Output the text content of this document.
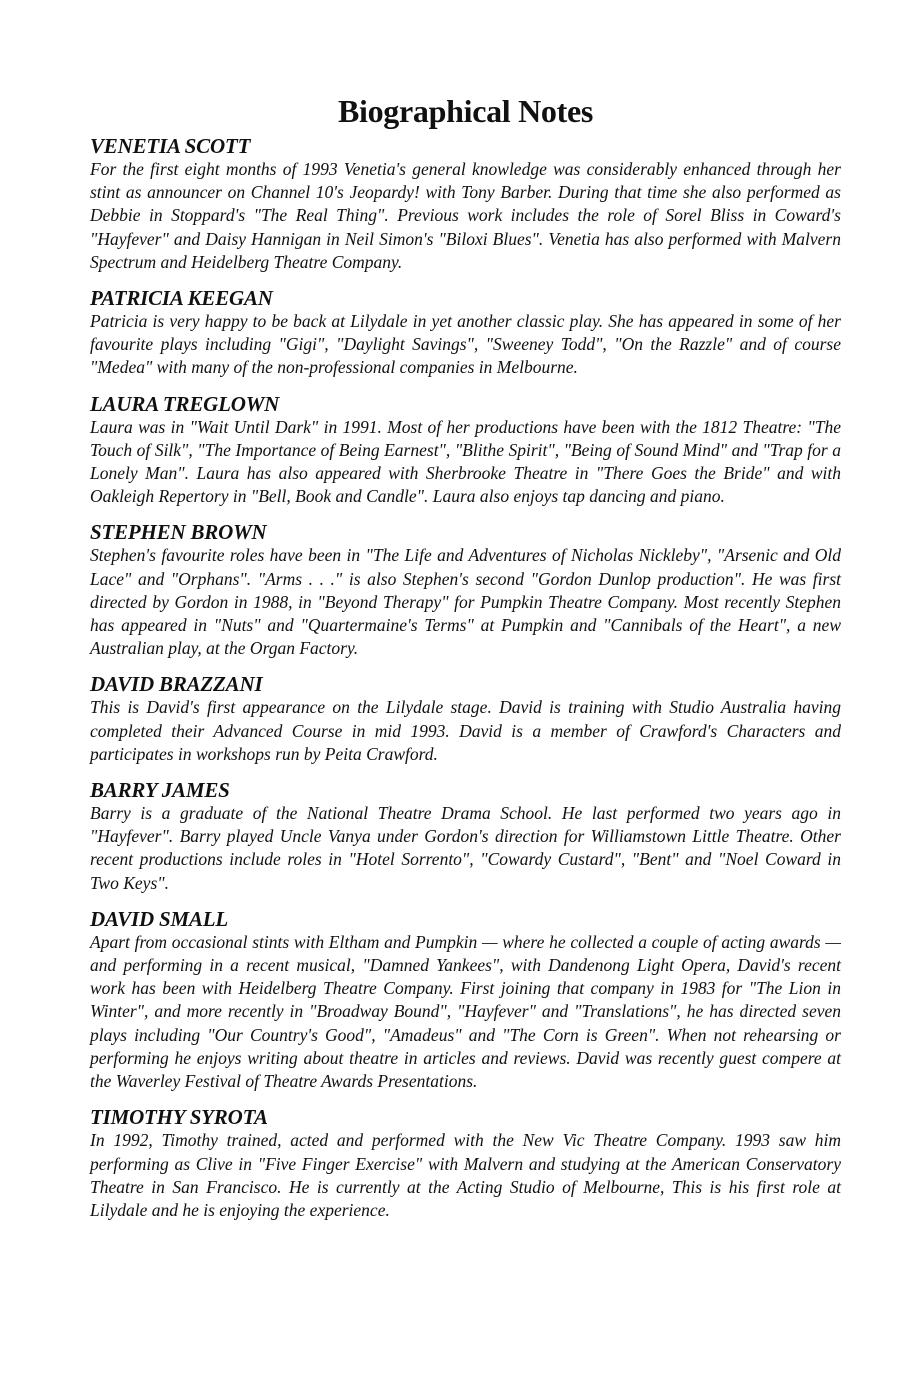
Biographical Notes
VENETIA SCOTT

For the first eight months of 1993 Venetia's general knowledge was considerably enhanced through her stint as announcer on Channel 10's Jeopardy! with Tony Barber. During that time she also performed as Debbie in Stoppard's "The Real Thing". Previous work includes the role of Sorel Bliss in Coward's "Hayfever" and Daisy Hannigan in Neil Simon's "Biloxi Blues". Venetia has also performed with Malvern Spectrum and Heidelberg Theatre Company.

PATRICIA KEEGAN

Patricia is very happy to be back at Lilydale in yet another classic play. She has appeared in some of her favourite plays including "Gigi", "Daylight Savings", "Sweeney Todd", "On the Razzle" and of course "Medea" with many of the non-professional companies in Melbourne.

LAURA TREGLOWN

Laura was in "Wait Until Dark" in 1991. Most of her productions have been with the 1812 Theatre: "The Touch of Silk", "The Importance of Being Earnest", "Blithe Spirit", "Being of Sound Mind" and "Trap for a Lonely Man". Laura has also appeared with Sherbrooke Theatre in "There Goes the Bride" and with Oakleigh Repertory in "Bell, Book and Candle". Laura also enjoys tap dancing and piano.

STEPHEN BROWN

Stephen's favourite roles have been in "The Life and Adventures of Nicholas Nickleby", "Arsenic and Old Lace" and "Orphans". "Arms . . ." is also Stephen's second "Gordon Dunlop production". He was first directed by Gordon in 1988, in "Beyond Therapy" for Pumpkin Theatre Company. Most recently Stephen has appeared in "Nuts" and "Quartermaine's Terms" at Pumpkin and "Cannibals of the Heart", a new Australian play, at the Organ Factory.

DAVID BRAZZANI

This is David's first appearance on the Lilydale stage. David is training with Studio Australia having completed their Advanced Course in mid 1993. David is a member of Crawford's Characters and participates in workshops run by Peita Crawford.

BARRY JAMES

Barry is a graduate of the National Theatre Drama School. He last performed two years ago in "Hayfever". Barry played Uncle Vanya under Gordon's direction for Williamstown Little Theatre. Other recent productions include roles in "Hotel Sorrento", "Cowardy Custard", "Bent" and "Noel Coward in Two Keys".

DAVID SMALL

Apart from occasional stints with Eltham and Pumpkin — where he collected a couple of acting awards — and performing in a recent musical, "Damned Yankees", with Dandenong Light Opera, David's recent work has been with Heidelberg Theatre Company. First joining that company in 1983 for "The Lion in Winter", and more recently in "Broadway Bound", "Hayfever" and "Translations", he has directed seven plays including "Our Country's Good", "Amadeus" and "The Corn is Green". When not rehearsing or performing he enjoys writing about theatre in articles and reviews. David was recently guest compere at the Waverley Festival of Theatre Awards Presentations.

TIMOTHY SYROTA

In 1992, Timothy trained, acted and performed with the New Vic Theatre Company. 1993 saw him performing as Clive in "Five Finger Exercise" with Malvern and studying at the American Conservatory Theatre in San Francisco. He is currently at the Acting Studio of Melbourne, This is his first role at Lilydale and he is enjoying the experience.
